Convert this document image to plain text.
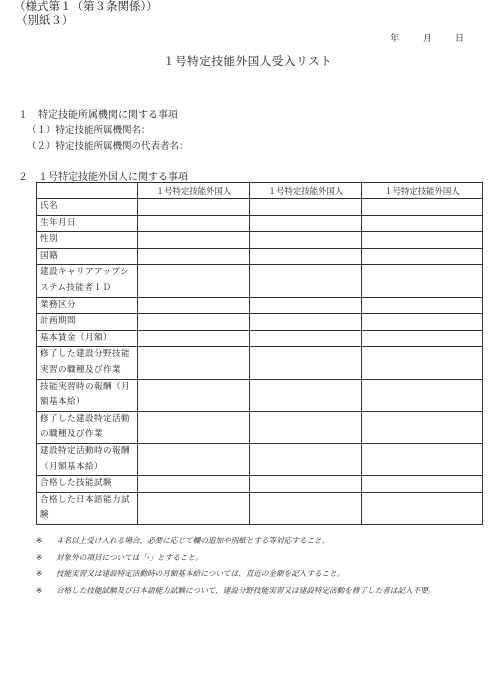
（様式第１（第３条関係））
（別紙３）
年	月	日
１号特定技能外国人受入リスト
１　特定技能所属機関に関する事項
（１）特定技能所属機関名：
（２）特定技能所属機関の代表者名：
２　１号特定技能外国人に関する事項
	１号特定技能外国人	１号特定技能外国人	１号特定技能外国人
氏名			
生年月日			
性別			
国籍			
建設キャリアアップシステム技能者ＩＤ			
業務区分			
計画期間			
基本賃金（月額）			
修了した建設分野技能実習の職種及び作業			
技能実習時の報酬（月額基本給）			
修了した建設特定活動の職種及び作業			
建設特定活動時の報酬（月額基本給）			
合格した技能試験			
合格した日本語能力試験			
※	４名以上受け入れる場合、必要に応じて欄の追加や別紙とする等対応すること。
※	対象外の項目については「-」とすること。
※	技能実習又は建設特定活動時の月額基本給については、直近の金額を記入すること。
※	合格した技能試験及び日本語能力試験について、建設分野技能実習又は建設特定活動を修了した者は記入不要。
